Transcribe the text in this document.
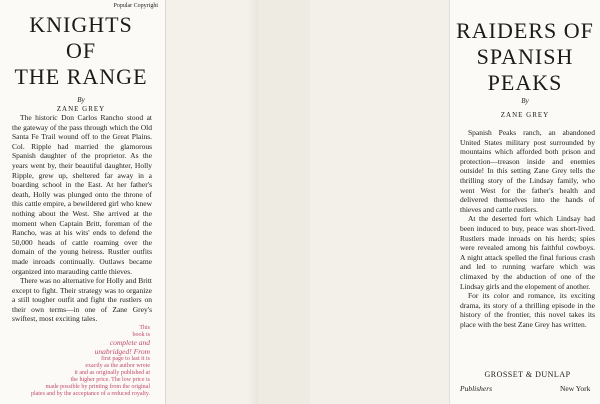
Popular Copyright
KNIGHTS
OF
THE RANGE
By
ZANE GREY

The historic Don Carlos Rancho stood at the gateway of the pass through which the Old Santa Fe Trail wound off to the Great Plains. Col. Ripple had married the glamorous Spanish daughter of the proprietor. As the years went by, their beautiful daughter, Holly Ripple, grew up, sheltered far away in a boarding school in the East. At her father's death, Holly was plunged onto the throne of this cattle empire, a bewildered girl who knew nothing about the West. She arrived at the moment when Captain Britt, foreman of the Rancho, was at his wits' ends to defend the 50,000 heads of cattle roaming over the domain of the young heiress. Rustler outfits made inroads continually. Outlaws became organized into marauding cattle thieves.

There was no alternative for Holly and Britt except to fight. Their strategy was to organize a still tougher outfit and fight the rustlers on their own terms—in one of Zane Grey's swiftest, most exciting tales.

This
book is
complete and
unabridged! From
first page to last it is
exactly as the author wrote
it and as originally published at
the higher price. The low price is
made possible by printing from the original
plates and by the acceptance of a reduced royalty.
RAIDERS OF
SPANISH
PEAKS
By
ZANE GREY

Spanish Peaks ranch, an abandoned United States military post surrounded by mountains which afforded both prison and protection—treason inside and enemies outside! In this setting Zane Grey tells the thrilling story of the Lindsay family, who went West for the father's health and delivered themselves into the hands of thieves and cattle rustlers.

At the deserted fort which Lindsay had been induced to buy, peace was short-lived. Rustlers made inroads on his herds; spies were revealed among his faithful cowboys. A night attack spelled the final furious crash and led to running warfare which was climaxed by the abduction of one of the Lindsay girls and the elopement of another.

For its color and romance, its exciting drama, its story of a thrilling episode in the history of the frontier, this novel takes its place with the best Zane Grey has written.

GROSSET & DUNLAP
Publishers	New York
